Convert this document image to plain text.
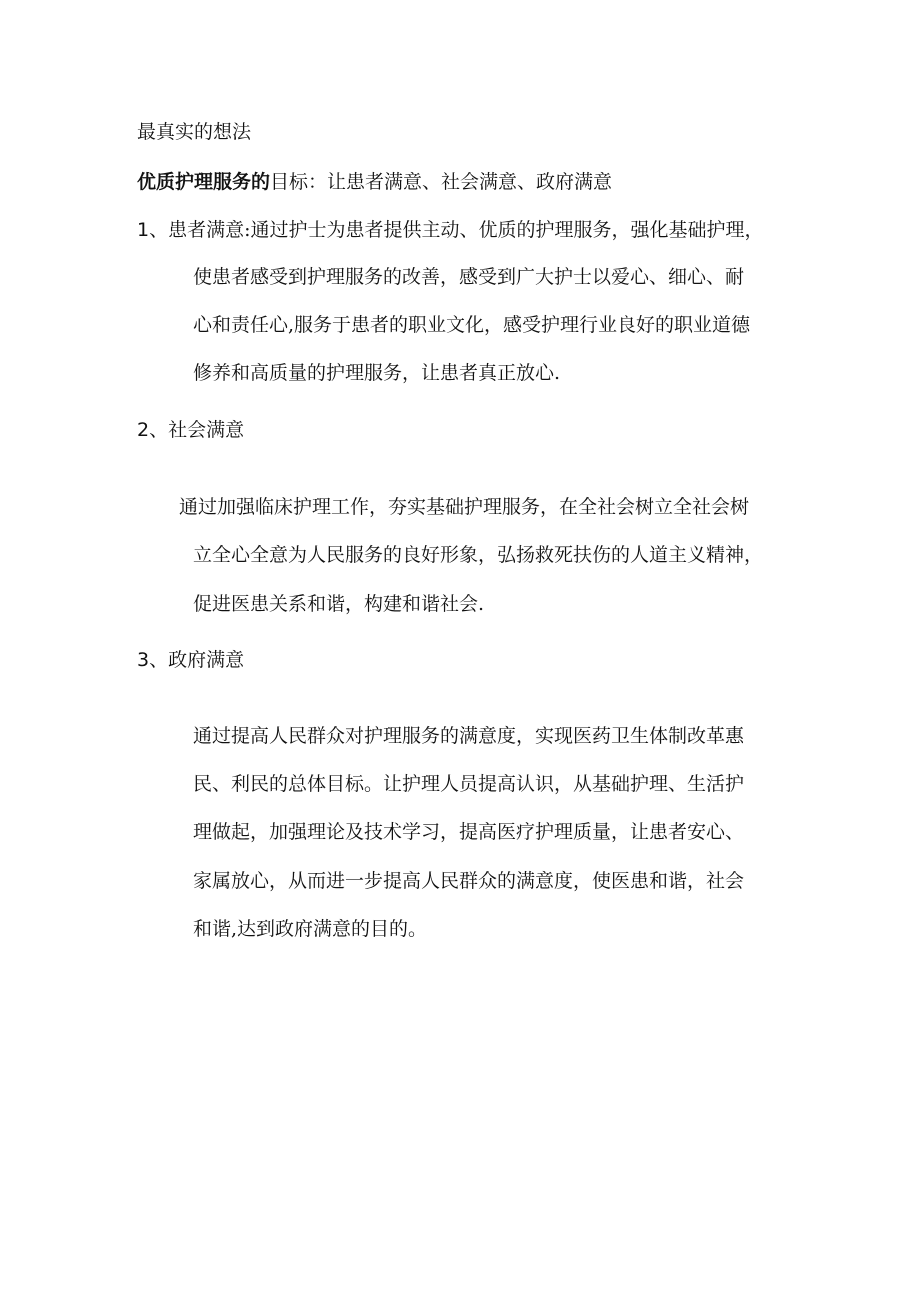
最真实的想法
优质护理服务的目标：让患者满意、社会满意、政府满意
1、患者满意:通过护士为患者提供主动、优质的护理服务，强化基础护理，
使患者感受到护理服务的改善，感受到广大护士以爱心、细心、耐
心和责任心,服务于患者的职业文化，感受护理行业良好的职业道德
修养和高质量的护理服务，让患者真正放心.
2、社会满意
通过加强临床护理工作，夯实基础护理服务，在全社会树立全社会树
立全心全意为人民服务的良好形象，弘扬救死扶伤的人道主义精神，
促进医患关系和谐，构建和谐社会.
3、政府满意
通过提高人民群众对护理服务的满意度，实现医药卫生体制改革惠
民、利民的总体目标。让护理人员提高认识，从基础护理、生活护
理做起，加强理论及技术学习，提高医疗护理质量，让患者安心、
家属放心，从而进一步提高人民群众的满意度，使医患和谐，社会
和谐,达到政府满意的目的。
